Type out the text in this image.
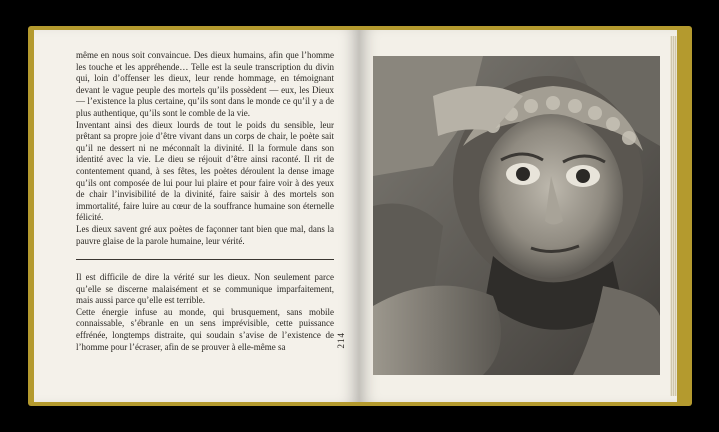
même en nous soit convaincue. Des dieux humains, afin que l’homme les touche et les appréhende… Telle est la seule transcription du divin qui, loin d’offenser les dieux, leur rende hommage, en témoignant devant le vague peuple des mortels qu’ils possèdent — eux, les Dieux — l’existence la plus certaine, qu’ils sont dans le monde ce qu’il y a de plus authentique, qu’ils sont le comble de la vie.

Inventant ainsi des dieux lourds de tout le poids du sensible, leur prêtant sa propre joie d’être vivant dans un corps de chair, le poète sait qu’il ne dessert ni ne méconnaît la divinité. Il la formule dans son identité avec la vie. Le dieu se réjouit d’être ainsi raconté. Il rit de contentement quand, à ses fêtes, les poètes déroulent la dense image qu’ils ont composée de lui pour lui plaire et pour faire voir à des yeux de chair l’invisibilité de la divinité, faire saisir à des mortels son immortalité, faire luire au cœur de la souffrance humaine son éternelle félicité.

Les dieux savent gré aux poètes de façonner tant bien que mal, dans la pauvre glaise de la parole humaine, leur vérité.

Il est difficile de dire la vérité sur les dieux. Non seulement parce qu’elle se discerne malaisément et se communique imparfaitement, mais aussi parce qu’elle est terrible.

Cette énergie infuse au monde, qui brusquement, sans mobile connaissable, s’ébranle en un sens imprévisible, cette puissance effrénée, longtemps distraite, qui soudain s’avise de l’existence de l’homme pour l’écraser, afin de se prouver à elle-même sa	214
